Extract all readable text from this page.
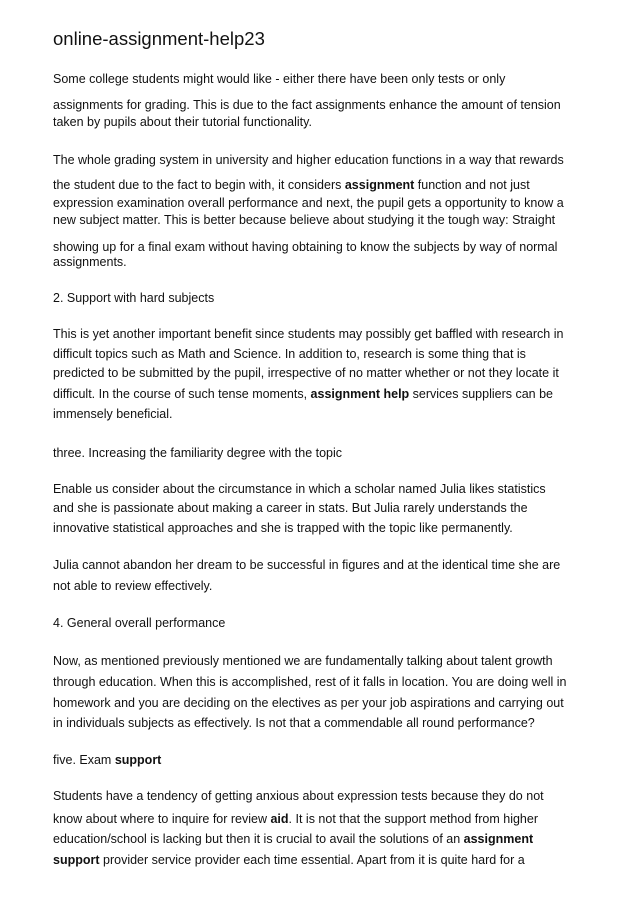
online-assignment-help23

Some college students might would like - either there have been only tests or only

assignments for grading. This is due to the fact assignments enhance the amount of tension

taken by pupils about their tutorial functionality.

The whole grading system in university and higher education functions in a way that rewards

the student due to the fact to begin with, it considers assignment function and not just

expression examination overall performance and next, the pupil gets a opportunity to know a

new subject matter. This is better because believe about studying it the tough way: Straight

showing up for a final exam without having obtaining to know the subjects by way of normal

assignments.

2. Support with hard subjects

This is yet another important benefit since students may possibly get baffled with research in

difficult topics such as Math and Science. In addition to, research is some thing that is

predicted to be submitted by the pupil, irrespective of no matter whether or not they locate it

difficult. In the course of such tense moments, assignment help services suppliers can be

immensely beneficial.

three. Increasing the familiarity degree with the topic

Enable us consider about the circumstance in which a scholar named Julia likes statistics

and she is passionate about making a career in stats. But Julia rarely understands the

innovative statistical approaches and she is trapped with the topic like permanently.

Julia cannot abandon her dream to be successful in figures and at the identical time she are

not able to review effectively.

4. General overall performance

Now, as mentioned previously mentioned we are fundamentally talking about talent growth

through education. When this is accomplished, rest of it falls in location. You are doing well in

homework and you are deciding on the electives as per your job aspirations and carrying out

in individuals subjects as effectively. Is not that a commendable all round performance?

five. Exam support

Students have a tendency of getting anxious about expression tests because they do not

know about where to inquire for review aid. It is not that the support method from higher

education/school is lacking but then it is crucial to avail the solutions of an assignment

support provider service provider each time essential. Apart from it is quite hard for a
